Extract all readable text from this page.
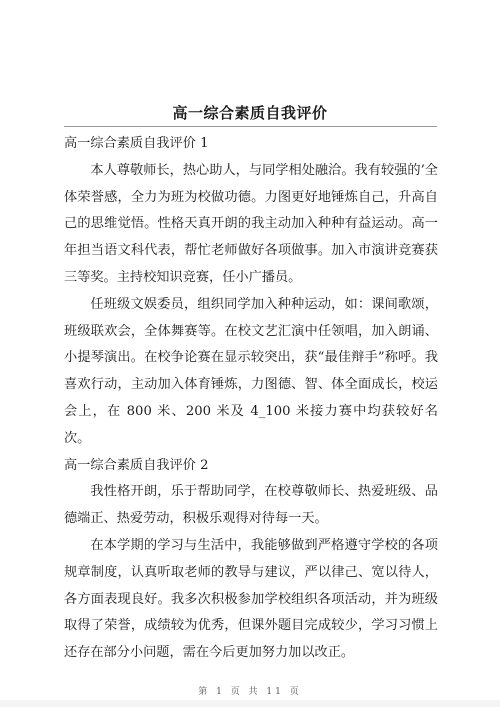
高一综合素质自我评价
高一综合素质自我评价 1

本人尊敬师长，热心助人，与同学相处融洽。我有较强的’全体荣誉感，全力为班为校做功德。力图更好地锤炼自己，升高自己的思维觉悟。性格天真开朗的我主动加入种种有益运动。高一年担当语文科代表，帮忙老师做好各项做事。加入市演讲竞赛获三等奖。主持校知识竞赛，任小广播员。

任班级文娱委员，组织同学加入种种运动，如：课间歌颂，班级联欢会，全体舞赛等。在校文艺汇演中任领唱，加入朗诵、小提琴演出。在校争论赛在显示较突出，获“最佳辩手”称呼。我喜欢行动，主动加入体育锤炼，力图德、智、体全面成长，校运会上，在 800 米、200 米及 4_100 米接力赛中均获较好名次。

高一综合素质自我评价 2

我性格开朗，乐于帮助同学，在校尊敬师长、热爱班级、品德端正、热爱劳动，积极乐观得对待每一天。

在本学期的学习与生活中，我能够做到严格遵守学校的各项规章制度，认真听取老师的教导与建议，严以律己、宽以待人，各方面表现良好。我多次积极参加学校组织各项活动，并为班级取得了荣誉，成绩较为优秀，但课外题目完成较少，学习习惯上还存在部分小问题，需在今后更加努力加以改正。

第 1 页 共 11 页
